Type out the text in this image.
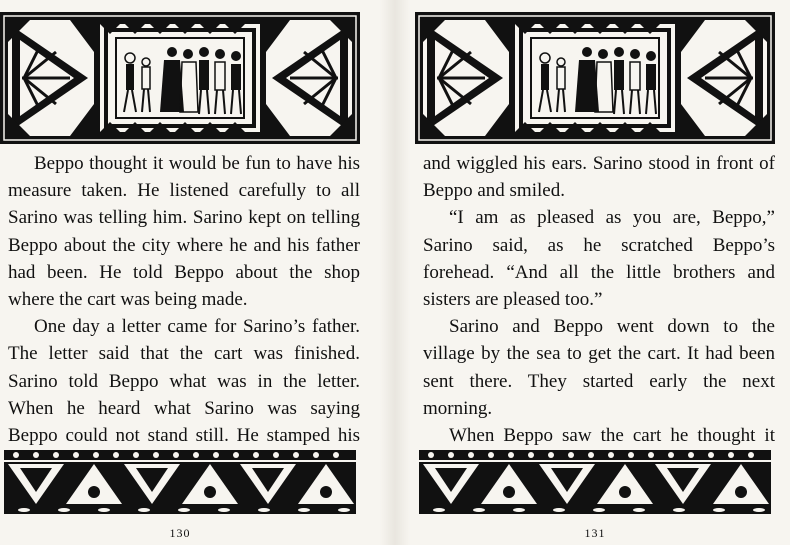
Beppo thought it would be fun to have his measure taken. He listened carefully to all Sarino was telling him. Sarino kept on telling Beppo about the city where he and his father had been. He told Beppo about the shop where the cart was being made.

One day a letter came for Sarino’s father. The letter said that the cart was finished. Sarino told Beppo what was in the letter. When he heard what Sarino was saying Beppo could not stand still. He stamped his

130

and wiggled his ears. Sarino stood in front of Beppo and smiled.

“I am as pleased as you are, Beppo,” Sarino said, as he scratched Beppo’s forehead. “And all the little brothers and sisters are pleased too.”

Sarino and Beppo went down to the village by the sea to get the cart. It had been sent there. They started early the next morning.

When Beppo saw the cart he thought it

131
